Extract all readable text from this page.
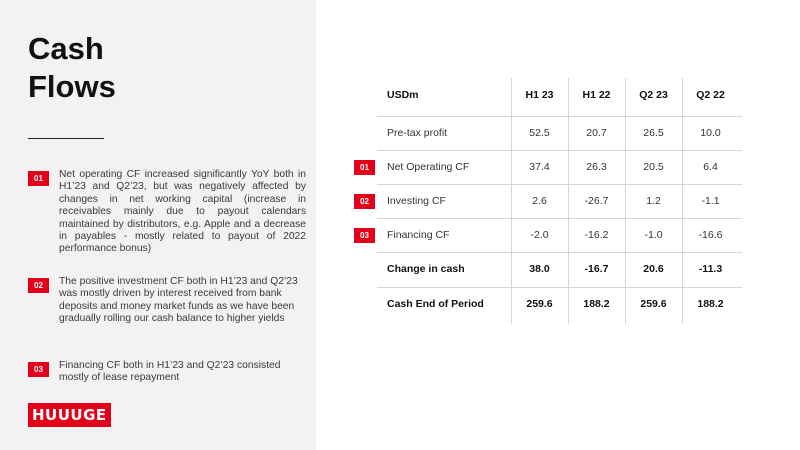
Cash
Flows
01	Net operating CF increased significantly YoY both in H1’23 and Q2’23, but was negatively affected by changes in net working capital (increase in receivables mainly due to payout calendars maintained by distributors, e.g. Apple and a decrease in payables - mostly related to payout of 2022 performance bonus)
02	The positive investment CF both in H1’23 and Q2’23 was mostly driven by interest received from bank deposits and money market funds as we have been gradually rolling our cash balance to higher yields
03	Financing CF both in H1’23 and Q2’23 consisted mostly of lease repayment
HUUUGE
USDm	H1 23	H1 22	Q2 23	Q2 22
Pre-tax profit	52.5	20.7	26.5	10.0
01	Net Operating CF	37.4	26.3	20.5	6.4
02	Investing CF	2.6	-26.7	1.2	-1.1
03	Financing CF	-2.0	-16.2	-1.0	-16.6
Change in cash	38.0	-16.7	20.6	-11.3
Cash End of Period	259.6	188.2	259.6	188.2
